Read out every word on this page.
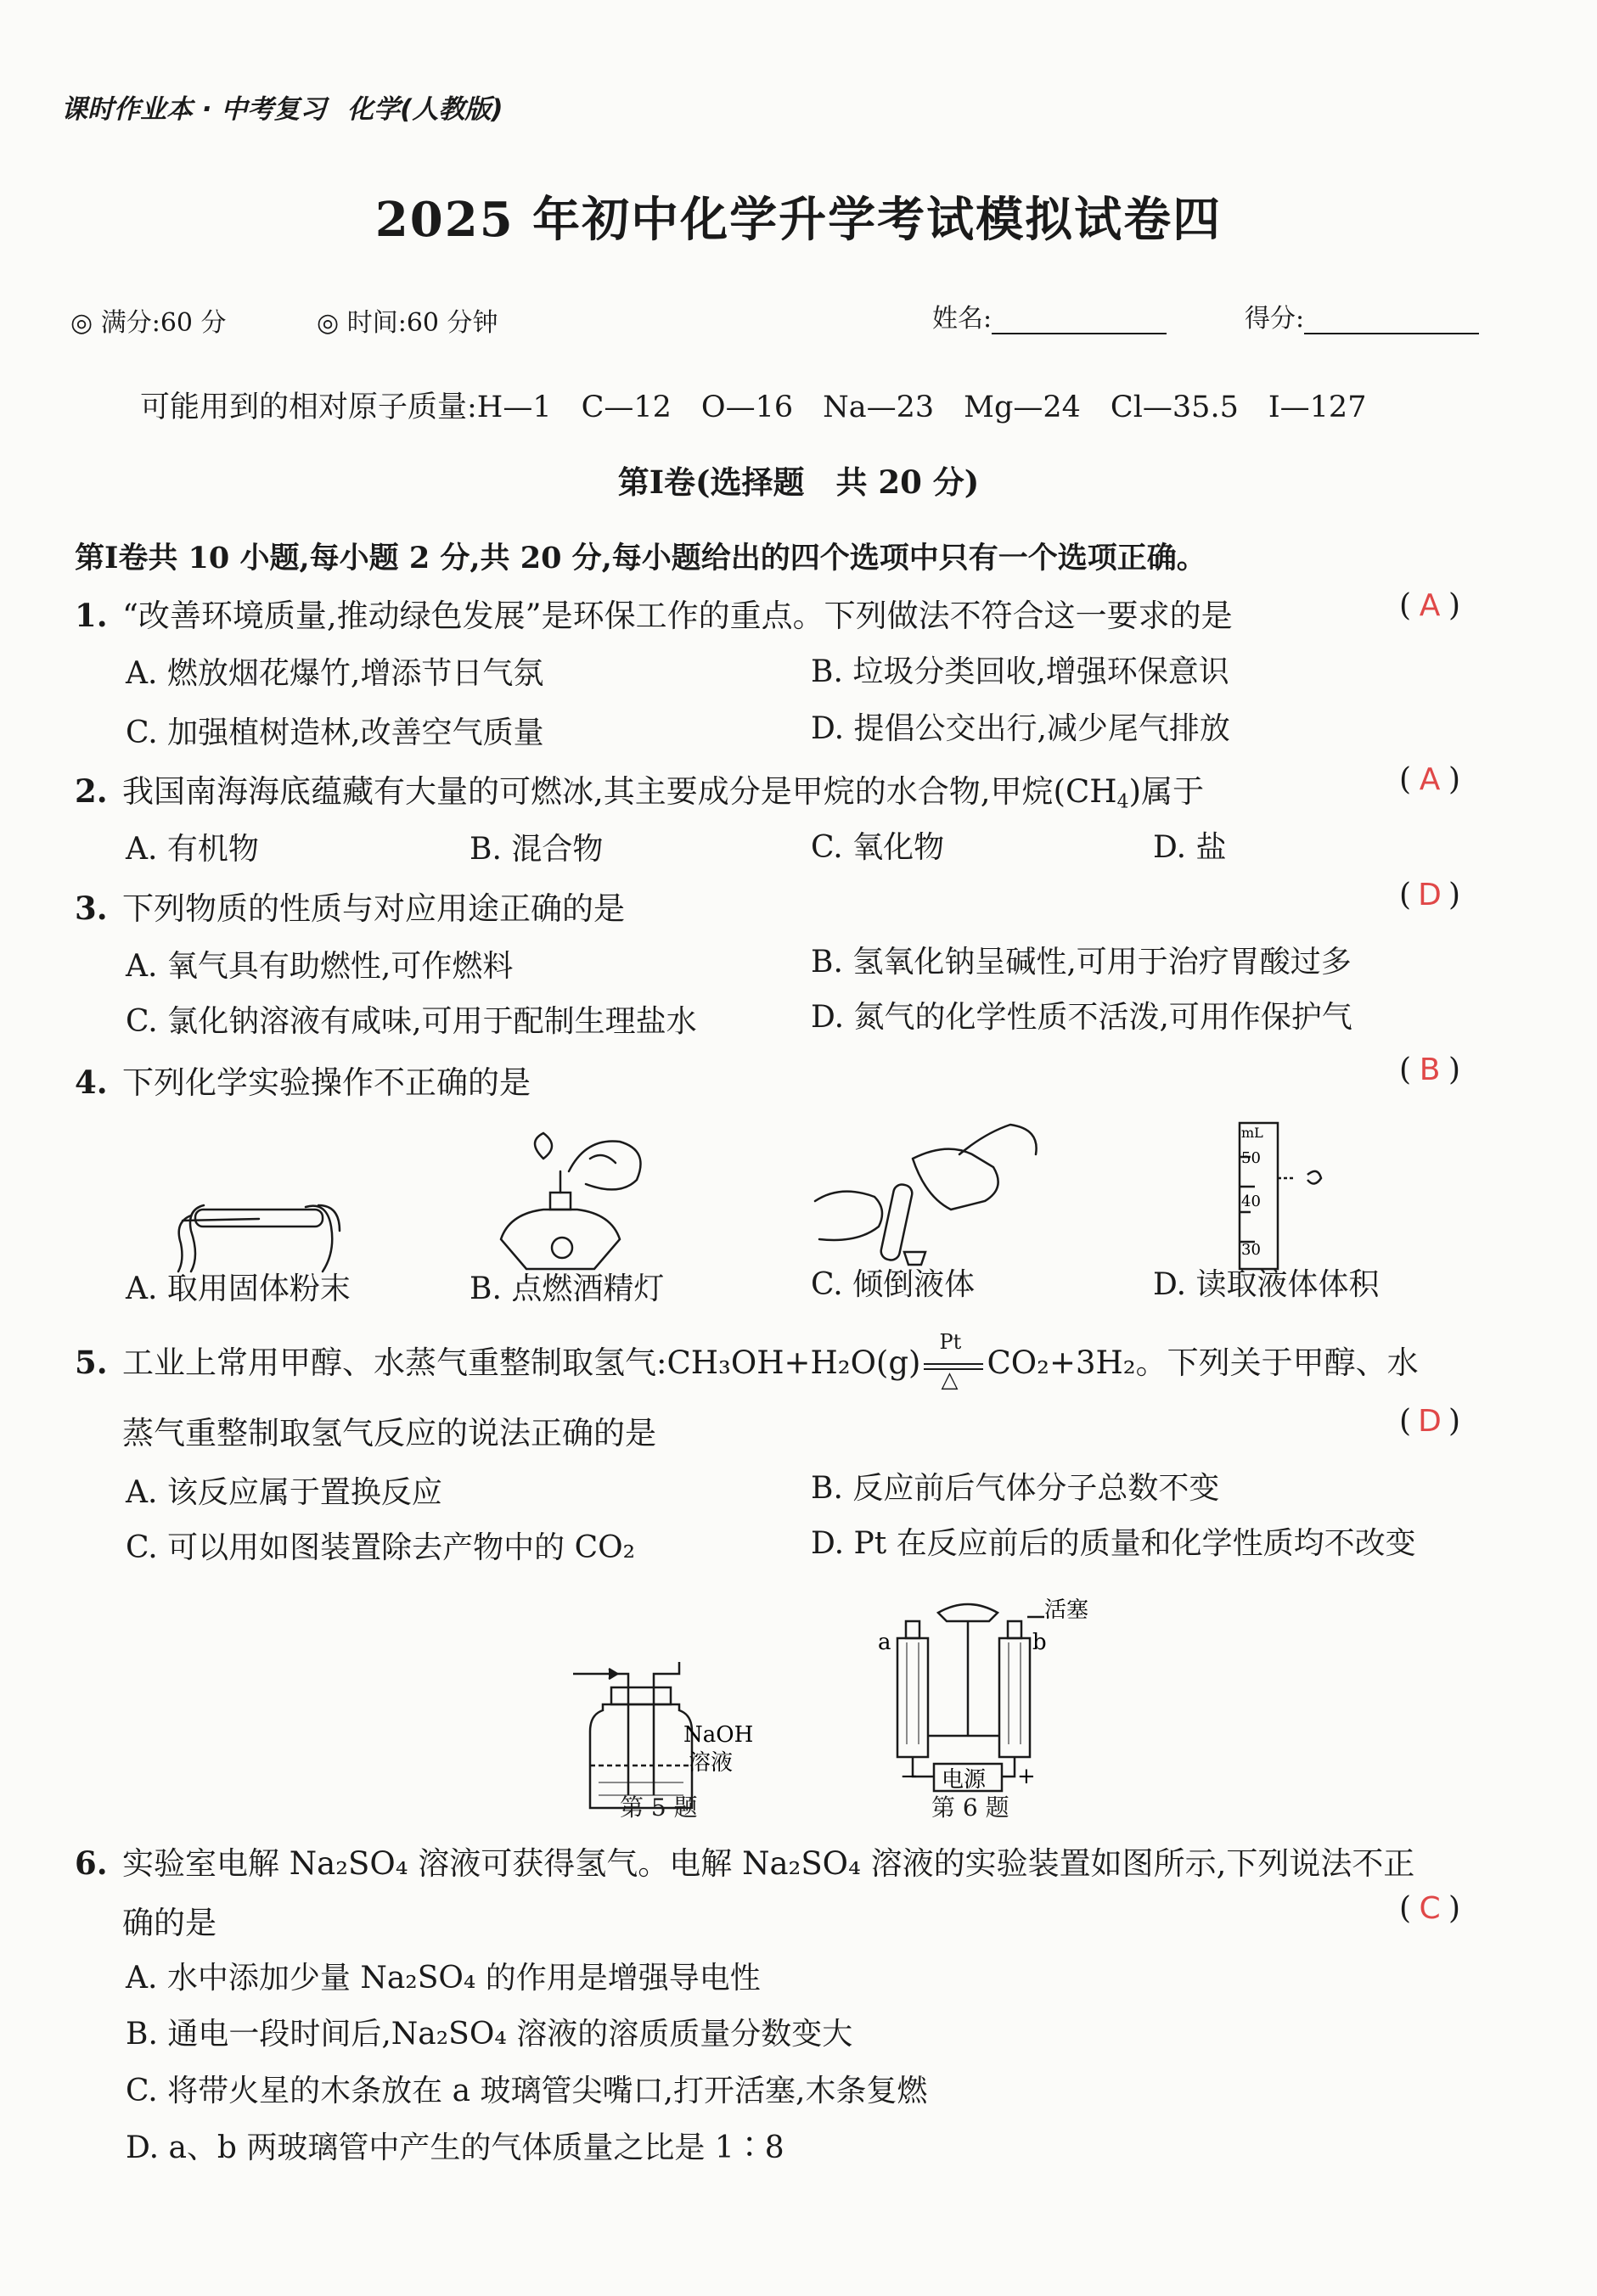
课时作业本 · 中考复习 化学(人教版)
2025 年初中化学升学考试模拟试卷四
◎ 满分:60 分	◎ 时间:60 分钟	姓名:	得分:
可能用到的相对原子质量:H—1　C—12　O—16　Na—23　Mg—24　Cl—35.5　I—127
第Ⅰ卷(选择题　共 20 分)
第Ⅰ卷共 10 小题,每小题 2 分,共 20 分,每小题给出的四个选项中只有一个选项正确。
1. “改善环境质量,推动绿色发展”是环保工作的重点。下列做法不符合这一要求的是	( A )
A. 燃放烟花爆竹,增添节日气氛	B. 垃圾分类回收,增强环保意识
C. 加强植树造林,改善空气质量	D. 提倡公交出行,减少尾气排放
2. 我国南海海底蕴藏有大量的可燃冰,其主要成分是甲烷的水合物,甲烷$(CH_4)$属于	( A )
A. 有机物	B. 混合物	C. 氧化物	D. 盐
3. 下列物质的性质与对应用途正确的是	( D )
A. 氧气具有助燃性,可作燃料	B. 氢氧化钠呈碱性,可用于治疗胃酸过多
C. 氯化钠溶液有咸味,可用于配制生理盐水	D. 氮气的化学性质不活泼,可用作保护气
4. 下列化学实验操作不正确的是	( B )
mL
50
40
30
A. 取用固体粉末	B. 点燃酒精灯	C. 倾倒液体	D. 读取液体体积
5. 工业上常用甲醇、水蒸气重整制取氢气:CH₃OH+H₂O(g)
Pt
△ CO₂+3H₂。下列关于甲醇、水
蒸气重整制取氢气反应的说法正确的是	( D )
A. 该反应属于置换反应	B. 反应前后气体分子总数不变
C. 可以用如图装置除去产物中的 CO₂	D. Pt 在反应前后的质量和化学性质均不改变
NaOH
溶液
第 5 题
活塞
a	b
电源
−	+
第 6 题
6. 实验室电解 Na₂SO₄ 溶液可获得氢气。电解 Na₂SO₄ 溶液的实验装置如图所示,下列说法不正
确的是	( C )
A. 水中添加少量 Na₂SO₄ 的作用是增强导电性
B. 通电一段时间后,Na₂SO₄ 溶液的溶质质量分数变大
C. 将带火星的木条放在 a 玻璃管尖嘴口,打开活塞,木条复燃
D. a、b 两玻璃管中产生的气体质量之比是 1∶8
